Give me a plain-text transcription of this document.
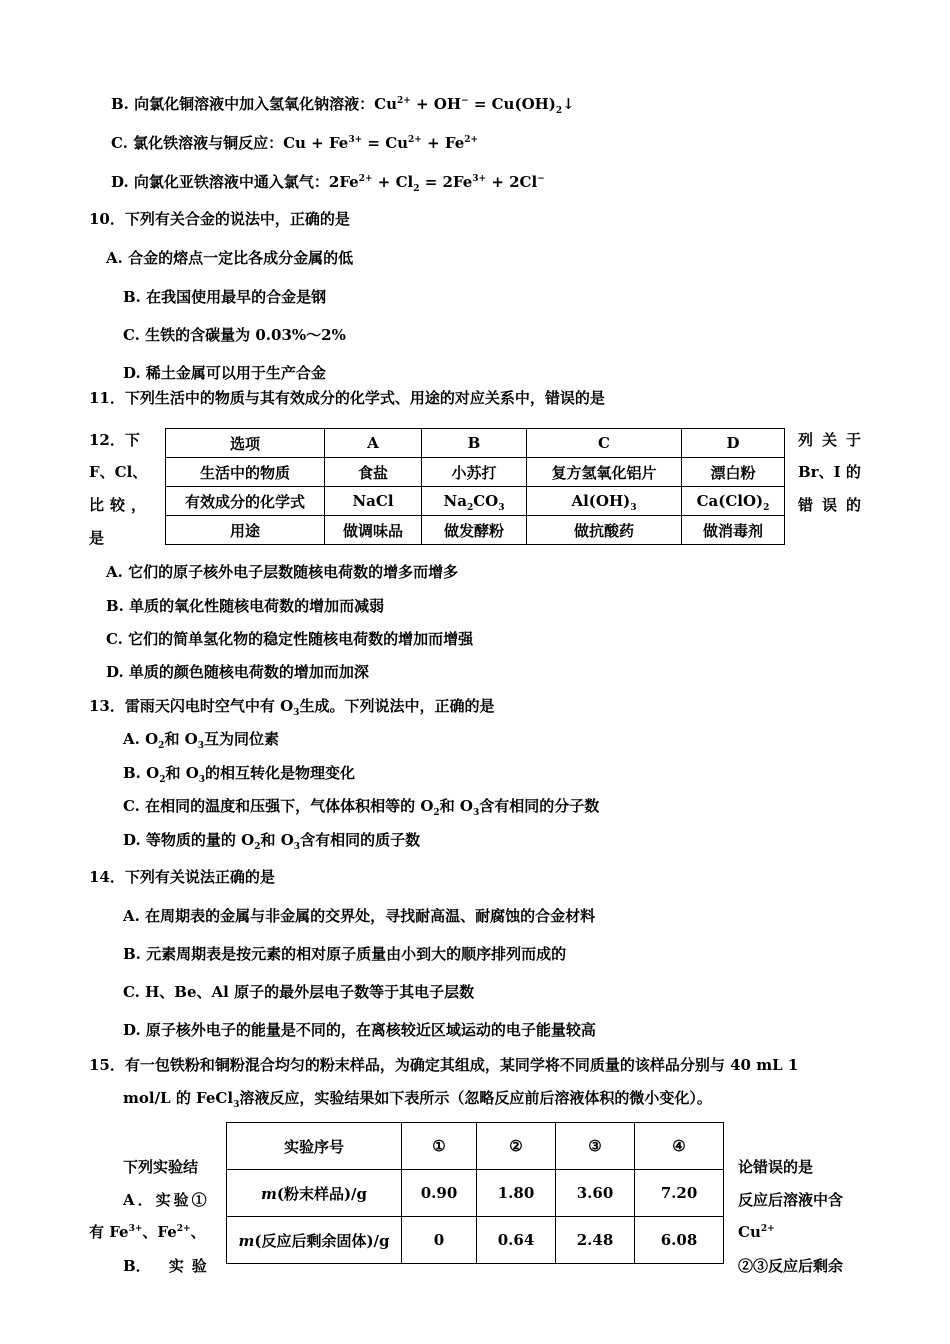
B. 向氯化铜溶液中加入氢氧化钠溶液：$Cu^{2+} + OH^-$ = $Cu(OH)_2↓$
C. 氯化铁溶液与铜反应：$Cu + Fe^{3+} = Cu^{2+} + Fe^{2+}$
D. 向氯化亚铁溶液中通入氯气：$2Fe^{2+} + Cl_2 = 2Fe^{3+} + 2Cl^-$
10．下列有关合金的说法中，正确的是
A. 合金的熔点一定比各成分金属的低
B. 在我国使用最早的合金是钢
C. 生铁的含碳量为 0.03%～2%
D. 稀土金属可以用于生产合金
11．下列生活中的物质与其有效成分的化学式、用途的对应关系中，错误的是
选项	A	B	C	D
生活中的物质	食盐	小苏打	复方氢氧化铝片	漂白粉
有效成分的化学式	NaCl	$Na_2CO_3$	$Al(OH)_3$	$Ca(ClO)_2$
用途	做调味品	做发酵粉	做抗酸药	做消毒剂
12．下
F、Cl、
比较，
是
列关于
Br、I 的
错误的
A. 它们的原子核外电子层数随核电荷数的增多而增多
B. 单质的氧化性随核电荷数的增加而减弱
C. 它们的简单氢化物的稳定性随核电荷数的增加而增强
D. 单质的颜色随核电荷数的增加而加深
13．雷雨天闪电时空气中有 $O_3$生成。下列说法中，正确的是
A. $O_2$和 $O_3$互为同位素
B. $O_2$和 $O_3$的相互转化是物理变化
C. 在相同的温度和压强下，气体体积相等的 $O_2$和 $O_3$含有相同的分子数
D. 等物质的量的 $O_2$和 $O_3$含有相同的质子数
14．下列有关说法正确的是
A. 在周期表的金属与非金属的交界处，寻找耐高温、耐腐蚀的合金材料
B. 元素周期表是按元素的相对原子质量由小到大的顺序排列而成的
C. H、Be、Al 原子的最外层电子数等于其电子层数
D. 原子核外电子的能量是不同的，在离核较近区域运动的电子能量较高
15．有一包铁粉和铜粉混合均匀的粉末样品，为确定其组成，某同学将不同质量的该样品分别与 40 mL 1
mol/L 的 FeCl$_3$溶液反应，实验结果如下表所示（忽略反应前后溶液体积的微小变化）。
实验序号	①	②	③	④
m(粉末样品)/g	0.90	1.80	3.60	7.20
m(反应后剩余固体)/g	0	0.64	2.48	6.08
下列实验结
A．实验①
有 $Fe^{3+}$、$Fe^{2+}$、
B． 实验
论错误的是
反应后溶液中含
$Cu^{2+}$
②③反应后剩余
